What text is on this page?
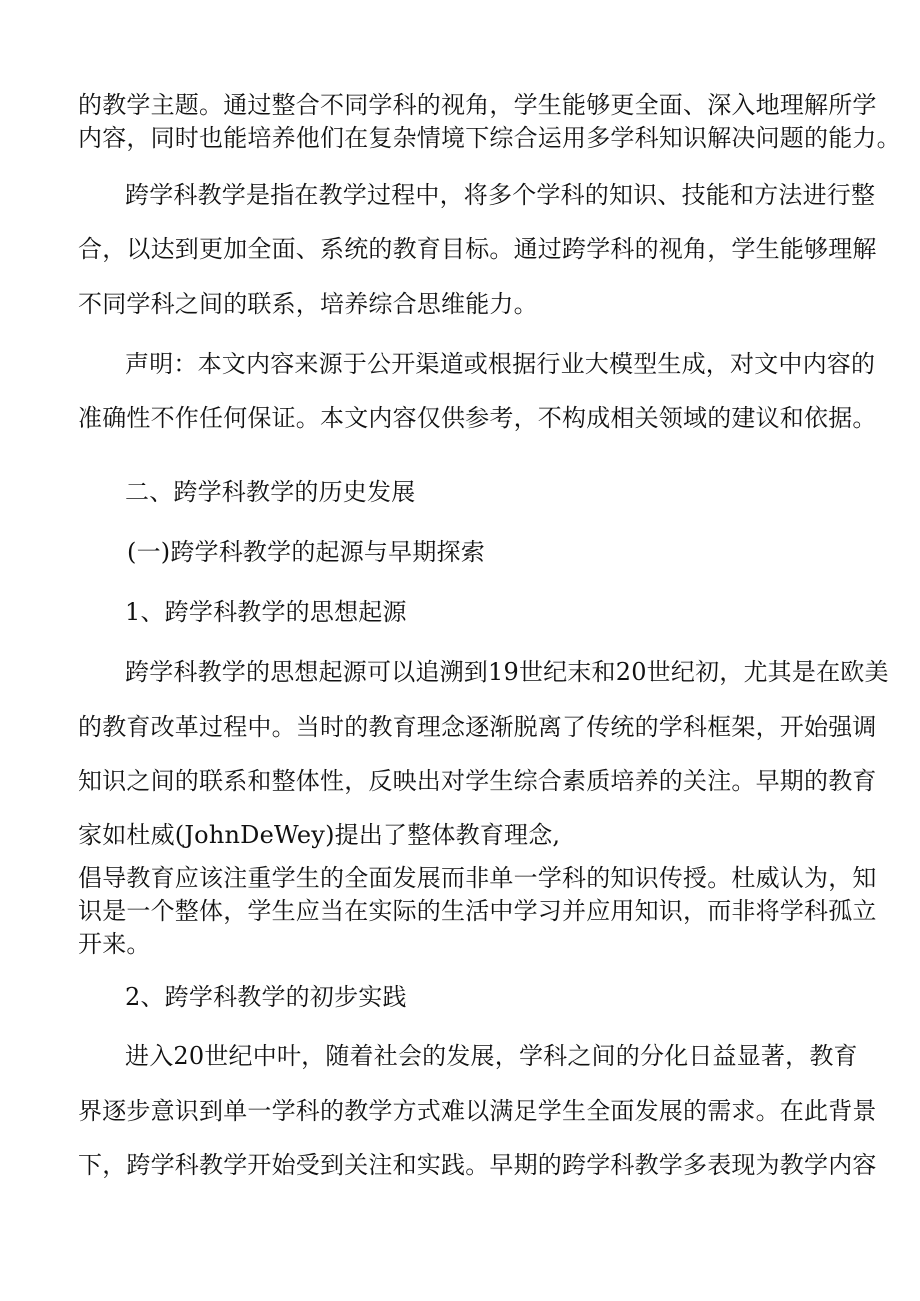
的教学主题。通过整合不同学科的视角，学生能够更全面、深入地理解所学
内容，同时也能培养他们在复杂情境下综合运用多学科知识解决问题的能力。
跨学科教学是指在教学过程中，将多个学科的知识、技能和方法进行整
合，以达到更加全面、系统的教育目标。通过跨学科的视角，学生能够理解
不同学科之间的联系，培养综合思维能力。
声明：本文内容来源于公开渠道或根据行业大模型生成，对文中内容的
准确性不作任何保证。本文内容仅供参考，不构成相关领域的建议和依据。
二、跨学科教学的历史发展
(一)跨学科教学的起源与早期探索
1、跨学科教学的思想起源
跨学科教学的思想起源可以追溯到19世纪末和20世纪初，尤其是在欧美
的教育改革过程中。当时的教育理念逐渐脱离了传统的学科框架，开始强调
知识之间的联系和整体性，反映出对学生综合素质培养的关注。早期的教育
家如杜威(JohnDeWey)提出了整体教育理念,
倡导教育应该注重学生的全面发展而非单一学科的知识传授。杜威认为，知
识是一个整体，学生应当在实际的生活中学习并应用知识，而非将学科孤立
开来。
2、跨学科教学的初步实践
进入20世纪中叶，随着社会的发展，学科之间的分化日益显著，教育
界逐步意识到单一学科的教学方式难以满足学生全面发展的需求。在此背景
下，跨学科教学开始受到关注和实践。早期的跨学科教学多表现为教学内容
